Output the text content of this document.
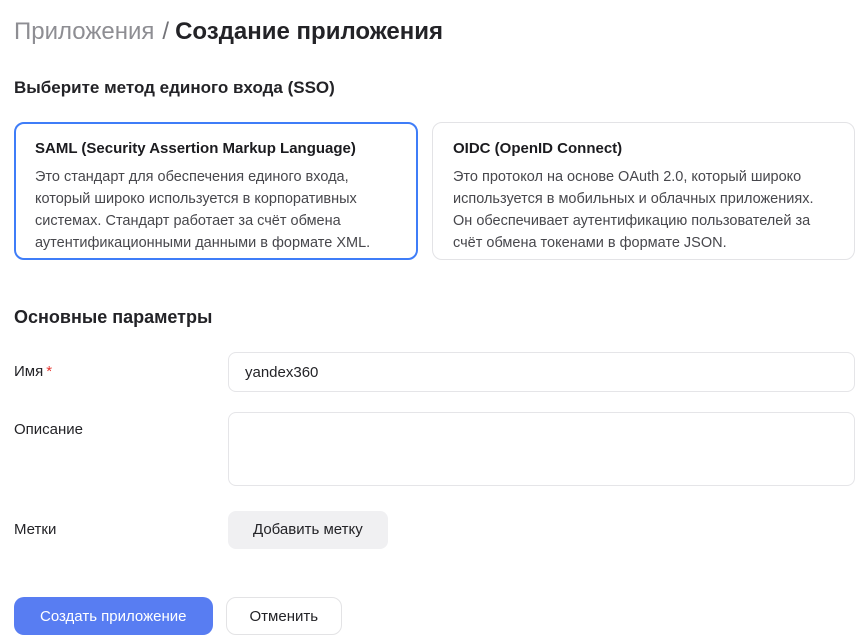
Приложения / Создание приложения
Выберите метод единого входа (SSO)
SAML (Security Assertion Markup Language)
Это стандарт для обеспечения единого входа, который широко используется в корпоративных системах. Стандарт работает за счёт обмена аутентификационными данными в формате XML.
OIDC (OpenID Connect)
Это протокол на основе OAuth 2.0, который широко используется в мобильных и облачных приложениях. Он обеспечивает аутентификацию пользователей за счёт обмена токенами в формате JSON.
Основные параметры
Имя *
yandex360
Описание
Метки	Добавить метку
Создать приложение	Отменить
